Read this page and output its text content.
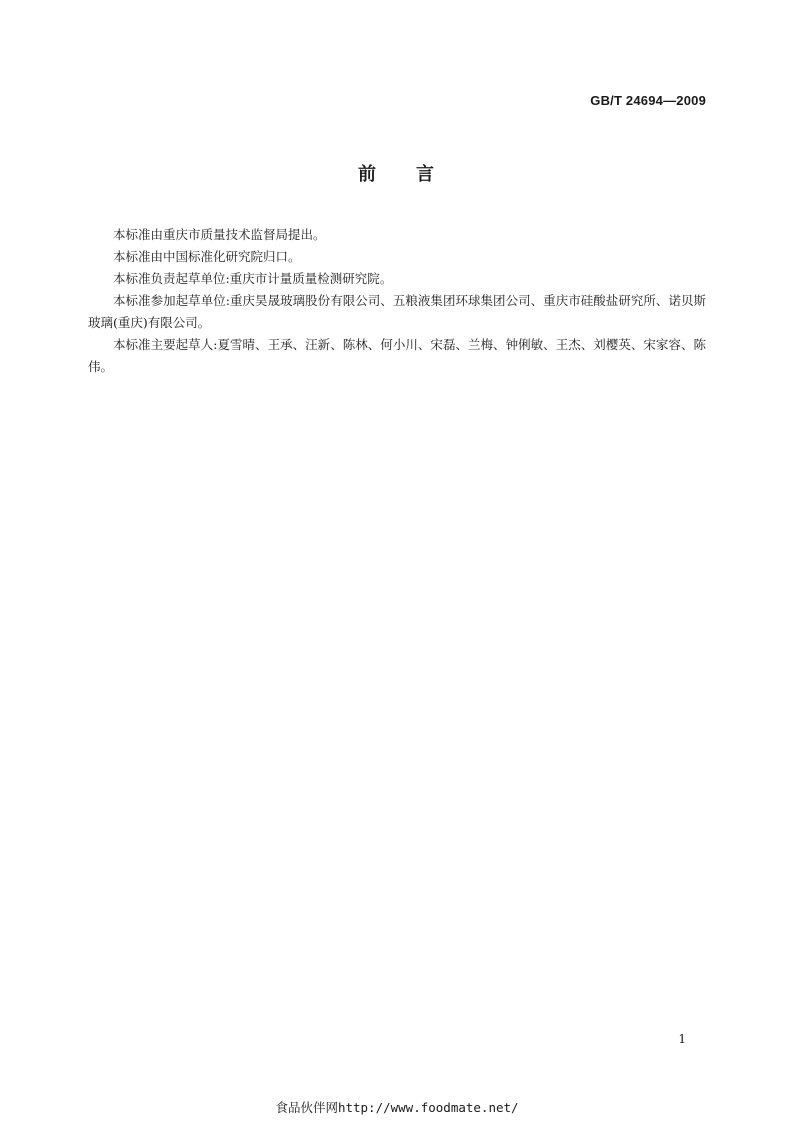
GB/T 24694—2009
前 言

本标准由重庆市质量技术监督局提出。

本标准由中国标准化研究院归口。

本标准负责起草单位:重庆市计量质量检测研究院。

本标准参加起草单位:重庆昊晟玻璃股份有限公司、五粮液集团环球集团公司、重庆市硅酸盐研究所、诺贝斯玻璃(重庆)有限公司。

本标准主要起草人:夏雪晴、王承、汪新、陈林、何小川、宋磊、兰梅、钟俐敏、王杰、刘樱英、宋家容、陈伟。

1
食品伙伴网http://www.foodmate.net/
